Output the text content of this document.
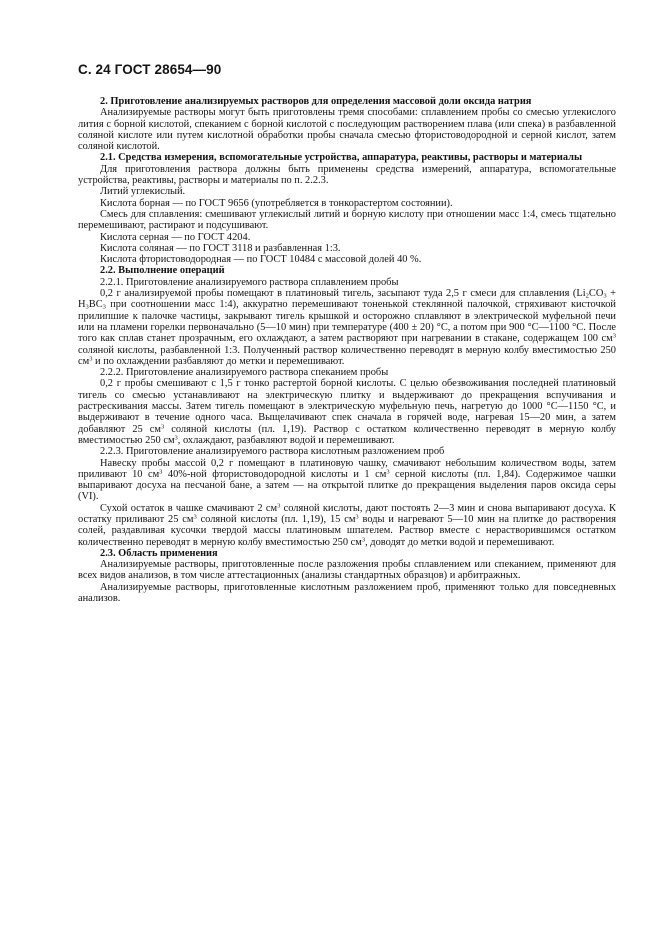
С. 24 ГОСТ 28654—90

2. Приготовление анализируемых растворов для определения массовой доли оксида натрия

Анализируемые растворы могут быть приготовлены тремя способами: сплавлением пробы со смесью углекислого лития с борной кислотой, спеканием с борной кислотой с последующим растворением плава (или спека) в разбавленной соляной кислоте или путем кислотной обработки пробы сначала смесью фтористоводородной и серной кислот, затем соляной кислотой.

2.1. Средства измерения, вспомогательные устройства, аппаратура, реактивы, растворы и материалы

Для приготовления раствора должны быть применены средства измерений, аппаратура, вспомогательные устройства, реактивы, растворы и материалы по п. 2.2.3.

Литий углекислый.

Кислота борная — по ГОСТ 9656 (употребляется в тонкорастертом состоянии).

Смесь для сплавления: смешивают углекислый литий и борную кислоту при отношении масс 1:4, смесь тщательно перемешивают, растирают и подсушивают.

Кислота серная — по ГОСТ 4204.

Кислота соляная — по ГОСТ 3118 и разбавленная 1:3.

Кислота фтористоводородная — по ГОСТ 10484 с массовой долей 40 %.

2.2. Выполнение операций

2.2.1. Приготовление анализируемого раствора сплавлением пробы

0,2 г анализируемой пробы помещают в платиновый тигель, засыпают туда 2,5 г смеси для сплавления ($Li_2CO_3 + H_3BC_3$ при соотношении масс 1:4), аккуратно перемешивают тоненькой стеклянной палочкой, стряхивают кисточкой прилипшие к палочке частицы, закрывают тигель крышкой и осторожно сплавляют в электрической муфельной печи или на пламени горелки первоначально (5—10 мин) при температуре (400 ± 20) °С, а потом при 900 °С—1100 °С. После того как сплав станет прозрачным, его охлаждают, а затем растворяют при нагревании в стакане, содержащем 100 $см^3$ соляной кислоты, разбавленной 1:3. Полученный раствор количественно переводят в мерную колбу вместимостью 250 $см^3$ и по охлаждении разбавляют до метки и перемешивают.

2.2.2. Приготовление анализируемого раствора спеканием пробы

0,2 г пробы смешивают с 1,5 г тонко растертой борной кислоты. С целью обезвоживания последней платиновый тигель со смесью устанавливают на электрическую плитку и выдерживают до прекращения вспучивания и растрескивания массы. Затем тигель помещают в электрическую муфельную печь, нагретую до 1000 °С—1150 °С, и выдерживают в течение одного часа. Выщелачивают спек сначала в горячей воде, нагревая 15—20 мин, а затем добавляют 25 $см^3$ соляной кислоты (пл. 1,19). Раствор с остатком количественно переводят в мерную колбу вместимостью 250 $см^3$, охлаждают, разбавляют водой и перемешивают.

2.2.3. Приготовление анализируемого раствора кислотным разложением проб

Навеску пробы массой 0,2 г помещают в платиновую чашку, смачивают небольшим количеством воды, затем приливают 10 $см^3$ 40%-ной фтористоводородной кислоты и 1 $см^3$ серной кислоты (пл. 1,84). Содержимое чашки выпаривают досуха на песчаной бане, а затем — на открытой плитке до прекращения выделения паров оксида серы (VI).

Сухой остаток в чашке смачивают 2 $см^3$ соляной кислоты, дают постоять 2—3 мин и снова выпаривают досуха. К остатку приливают 25 $см^3$ соляной кислоты (пл. 1,19), 15 $см^3$ воды и нагревают 5—10 мин на плитке до растворения солей, раздавливая кусочки твердой массы платиновым шпателем. Раствор вместе с нерастворившимся остатком количественно переводят в мерную колбу вместимостью 250 $см^3$, доводят до метки водой и перемешивают.

2.3. Область применения

Анализируемые растворы, приготовленные после разложения пробы сплавлением или спеканием, применяют для всех видов анализов, в том числе аттестационных (анализы стандартных образцов) и арбитражных.

Анализируемые растворы, приготовленные кислотным разложением проб, применяют только для повседневных анализов.
